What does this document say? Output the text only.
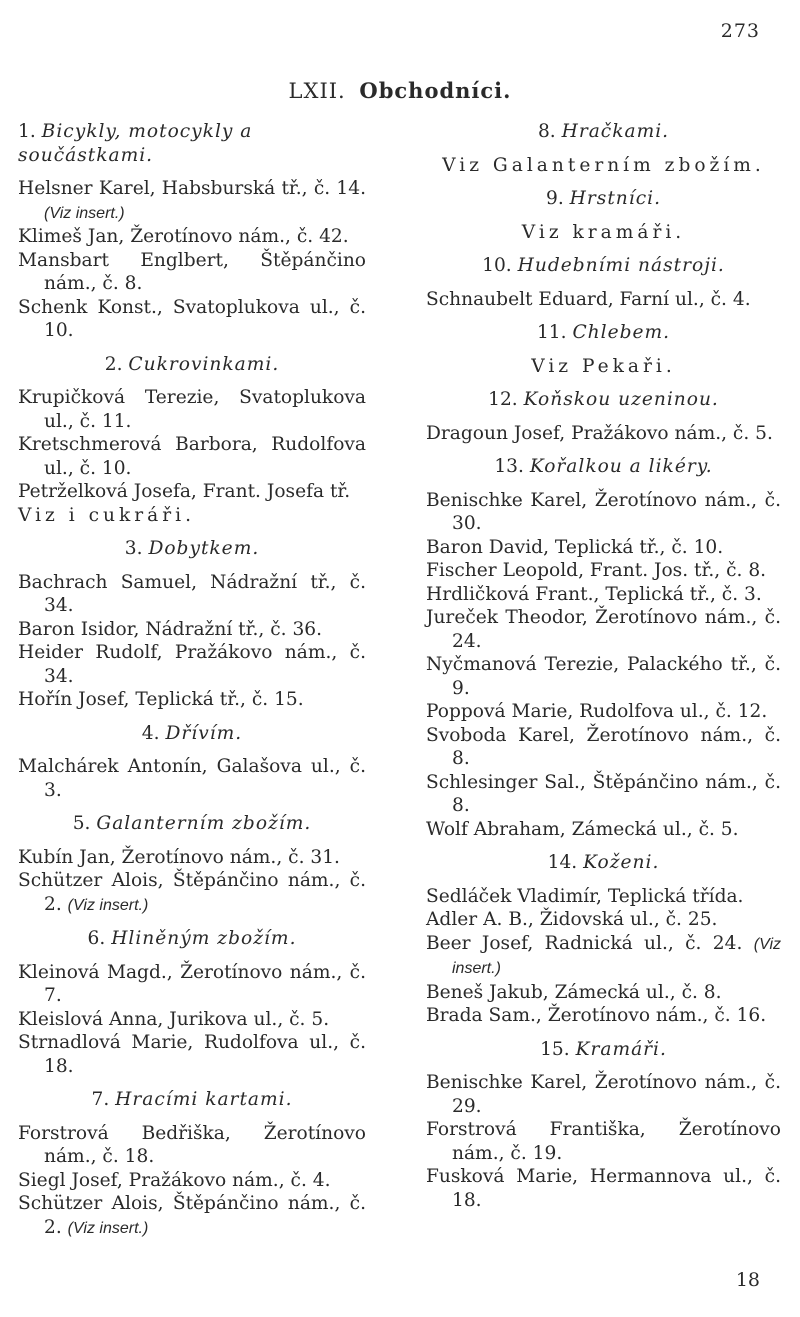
273
LXII. Obchodníci.
1. Bicykly, motocykly a součástkami.
Helsner Karel, Habsburská tř., č. 14. (Viz insert.)
Klimeš Jan, Žerotínovo nám., č. 42.
Mansbart Englbert, Štěpánčino nám., č. 8.
Schenk Konst., Svatoplukova ul., č. 10.
2. Cukrovinkami.
Krupičková Terezie, Svatoplukova ul., č. 11.
Kretschmerová Barbora, Rudolfova ul., č. 10.
Petrželková Josefa, Frant. Josefa tř.
Viz i cukráři.
3. Dobytkem.
Bachrach Samuel, Nádražní tř., č. 34.
Baron Isidor, Nádražní tř., č. 36.
Heider Rudolf, Pražákovo nám., č. 34.
Hořín Josef, Teplická tř., č. 15.
4. Dřívím.
Malchárek Antonín, Galašova ul., č. 3.
5. Galanterním zbožím.
Kubín Jan, Žerotínovo nám., č. 31.
Schützer Alois, Štěpánčino nám., č. 2. (Viz insert.)
6. Hliněným zbožím.
Kleinová Magd., Žerotínovo nám., č. 7.
Kleislová Anna, Jurikova ul., č. 5.
Strnadlová Marie, Rudolfova ul., č. 18.
7. Hracími kartami.
Forstrová Bedřiška, Žerotínovo nám., č. 18.
Siegl Josef, Pražákovo nám., č. 4.
Schützer Alois, Štěpánčino nám., č. 2. (Viz insert.)
8. Hračkami.
Viz Galanterním zbožím.
9. Hrstníci.
Viz kramáři.
10. Hudebními nástroji.
Schnaubelt Eduard, Farní ul., č. 4.
11. Chlebem.
Viz Pekaři.
12. Koňskou uzeninou.
Dragoun Josef, Pražákovo nám., č. 5.
13. Kořalkou a likéry.
Benischke Karel, Žerotínovo nám., č. 30.
Baron David, Teplická tř., č. 10.
Fischer Leopold, Frant. Jos. tř., č. 8.
Hrdličková Frant., Teplická tř., č. 3.
Jureček Theodor, Žerotínovo nám., č. 24.
Nyčmanová Terezie, Palackého tř., č. 9.
Poppová Marie, Rudolfova ul., č. 12.
Svoboda Karel, Žerotínovo nám., č. 8.
Schlesinger Sal., Štěpánčino nám., č. 8.
Wolf Abraham, Zámecká ul., č. 5.
14. Koženi.
Sedláček Vladimír, Teplická třída.
Adler A. B., Židovská ul., č. 25.
Beer Josef, Radnická ul., č. 24. (Viz insert.)
Beneš Jakub, Zámecká ul., č. 8.
Brada Sam., Žerotínovo nám., č. 16.
15. Kramáři.
Benischke Karel, Žerotínovo nám., č. 29.
Forstrová Františka, Žerotínovo nám., č. 19.
Fusková Marie, Hermannova ul., č. 18.
18
